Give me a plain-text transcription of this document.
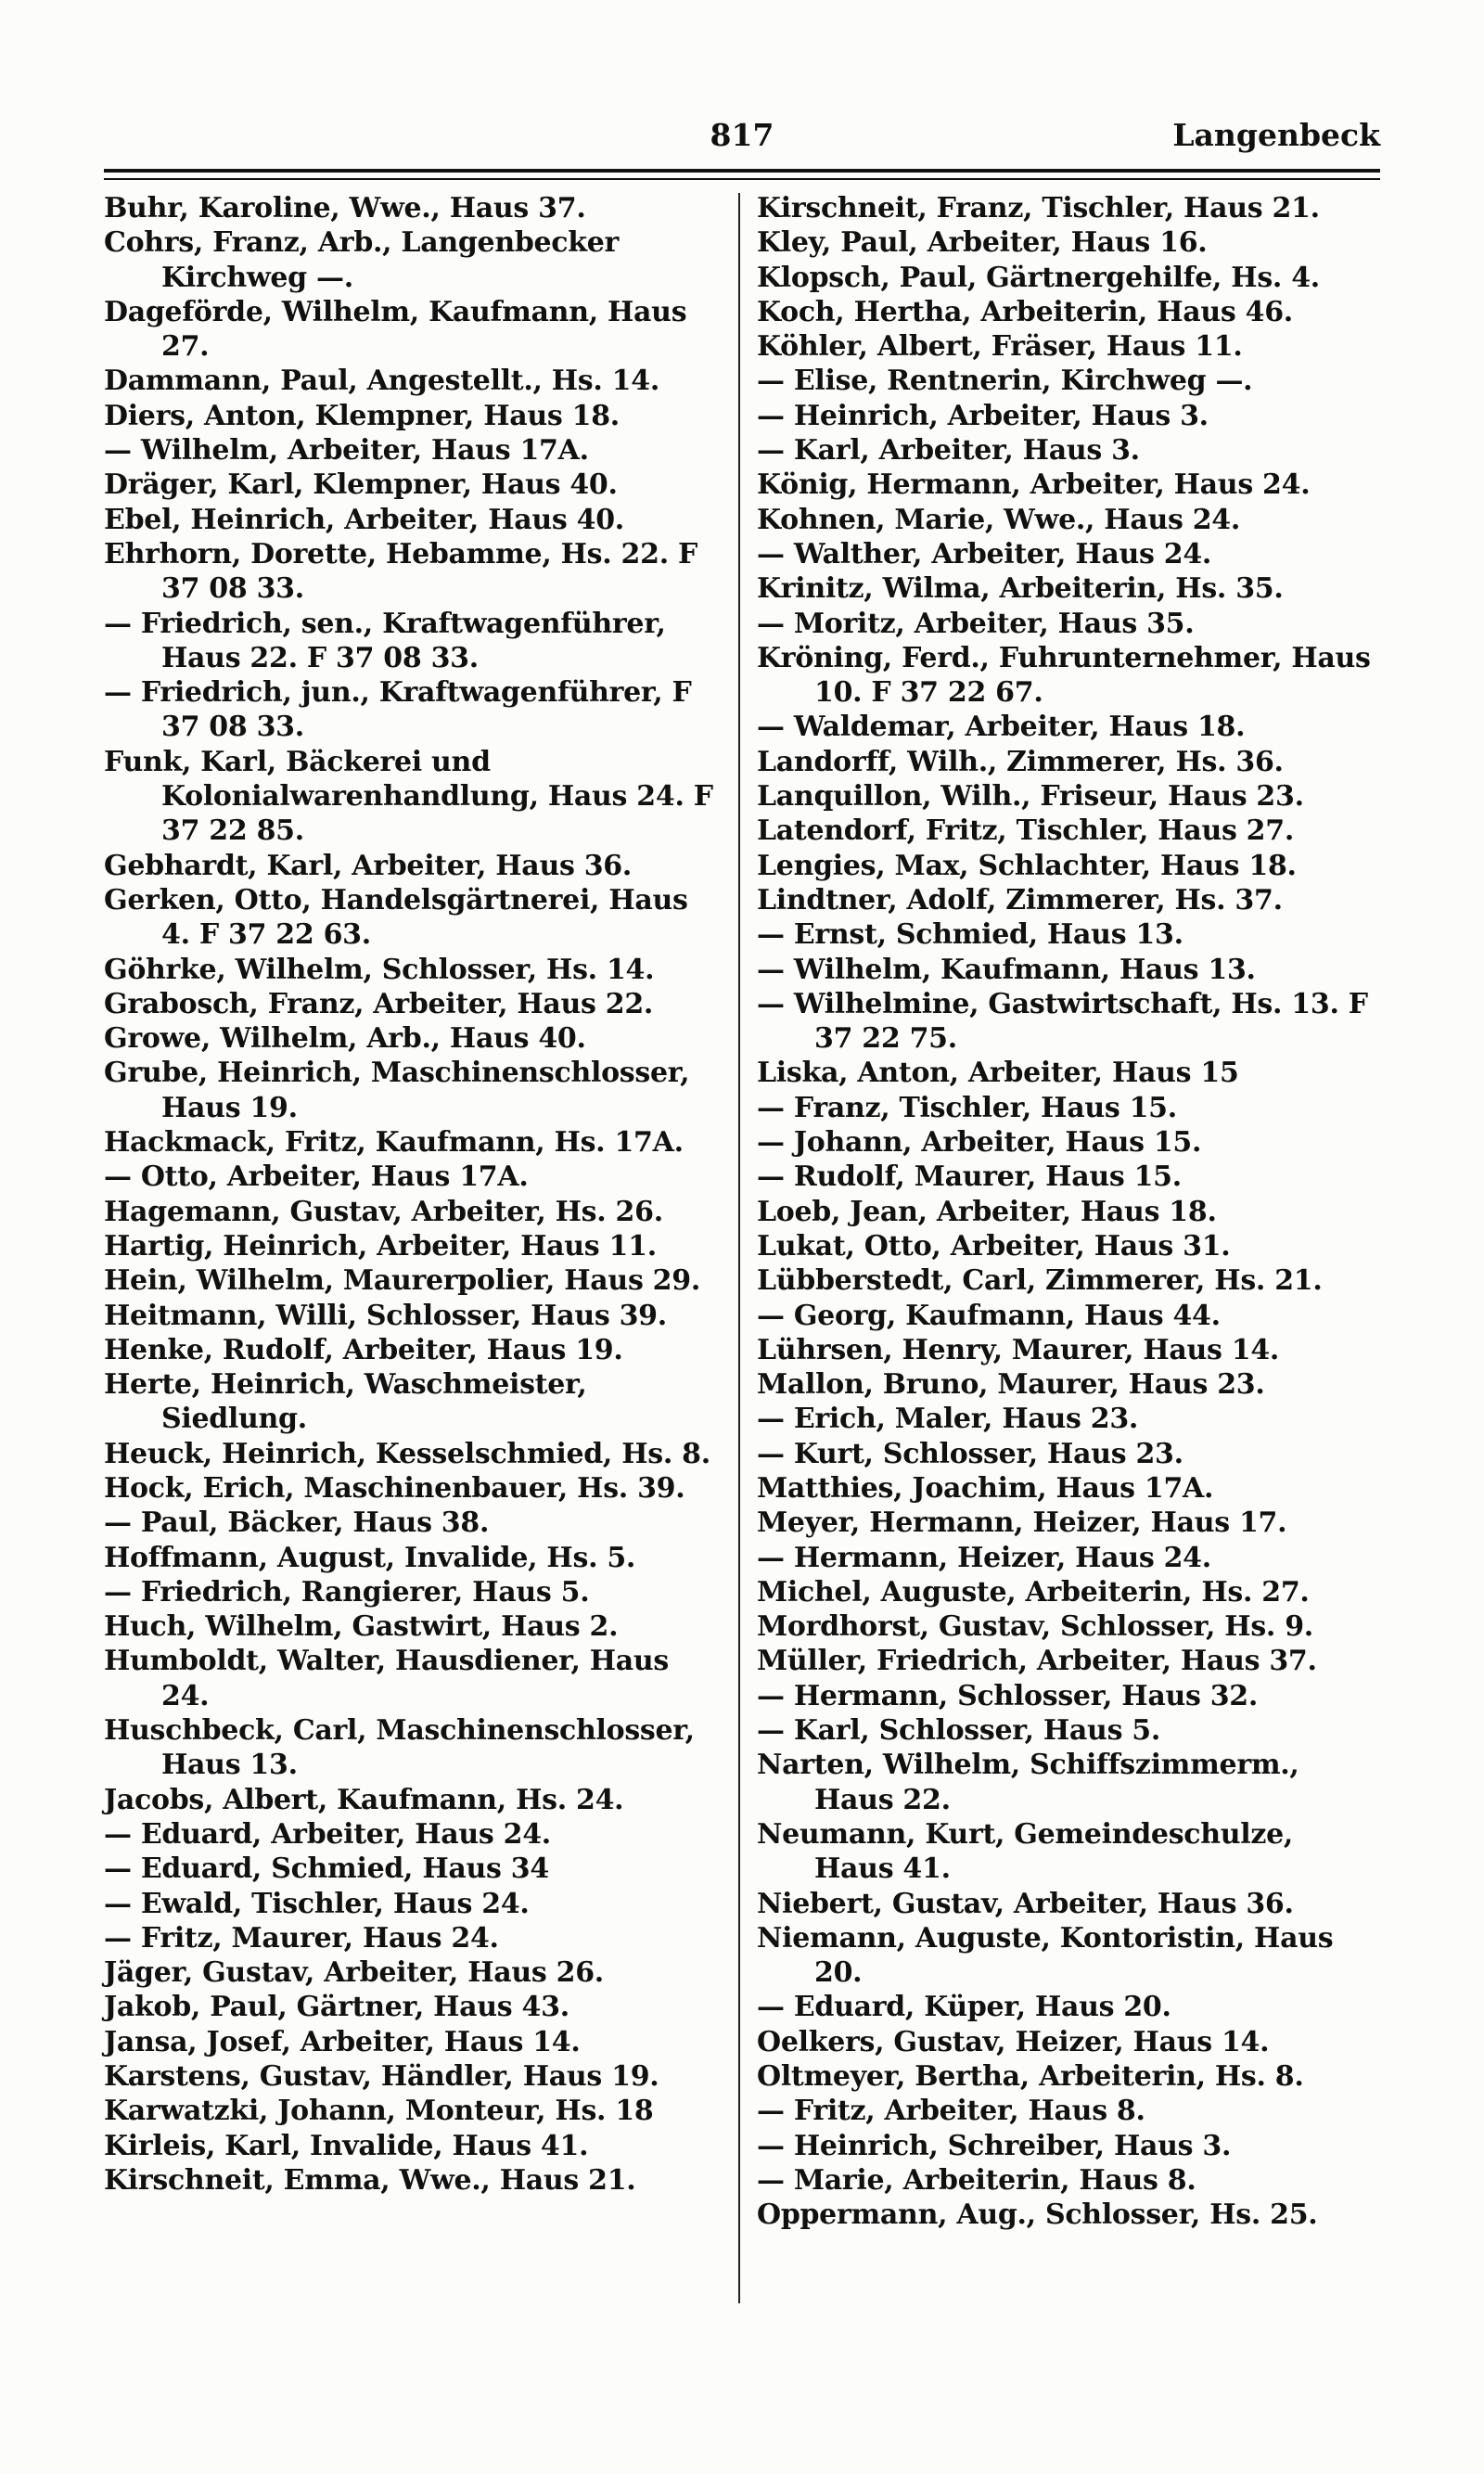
817	Langenbeck
Buhr, Karoline, Wwe., Haus 37.
Cohrs, Franz, Arb., Langenbecker Kirchweg —.
Dageförde, Wilhelm, Kaufmann, Haus 27.
Dammann, Paul, Angestellt., Hs. 14.
Diers, Anton, Klempner, Haus 18.
— Wilhelm, Arbeiter, Haus 17A.
Dräger, Karl, Klempner, Haus 40.
Ebel, Heinrich, Arbeiter, Haus 40.
Ehrhorn, Dorette, Hebamme, Hs. 22. F 37 08 33.
— Friedrich, sen., Kraftwagenführer, Haus 22. F 37 08 33.
— Friedrich, jun., Kraftwagenführer, F 37 08 33.
Funk, Karl, Bäckerei und Kolonialwarenhandlung, Haus 24. F 37 22 85.
Gebhardt, Karl, Arbeiter, Haus 36.
Gerken, Otto, Handelsgärtnerei, Haus 4. F 37 22 63.
Göhrke, Wilhelm, Schlosser, Hs. 14.
Grabosch, Franz, Arbeiter, Haus 22.
Growe, Wilhelm, Arb., Haus 40.
Grube, Heinrich, Maschinenschlosser, Haus 19.
Hackmack, Fritz, Kaufmann, Hs. 17A.
— Otto, Arbeiter, Haus 17A.
Hagemann, Gustav, Arbeiter, Hs. 26.
Hartig, Heinrich, Arbeiter, Haus 11.
Hein, Wilhelm, Maurerpolier, Haus 29.
Heitmann, Willi, Schlosser, Haus 39.
Henke, Rudolf, Arbeiter, Haus 19.
Herte, Heinrich, Waschmeister, Siedlung.
Heuck, Heinrich, Kesselschmied, Hs. 8.
Hock, Erich, Maschinenbauer, Hs. 39.
— Paul, Bäcker, Haus 38.
Hoffmann, August, Invalide, Hs. 5.
— Friedrich, Rangierer, Haus 5.
Huch, Wilhelm, Gastwirt, Haus 2.
Humboldt, Walter, Hausdiener, Haus 24.
Huschbeck, Carl, Maschinenschlosser, Haus 13.
Jacobs, Albert, Kaufmann, Hs. 24.
— Eduard, Arbeiter, Haus 24.
— Eduard, Schmied, Haus 34
— Ewald, Tischler, Haus 24.
— Fritz, Maurer, Haus 24.
Jäger, Gustav, Arbeiter, Haus 26.
Jakob, Paul, Gärtner, Haus 43.
Jansa, Josef, Arbeiter, Haus 14.
Karstens, Gustav, Händler, Haus 19.
Karwatzki, Johann, Monteur, Hs. 18
Kirleis, Karl, Invalide, Haus 41.
Kirschneit, Emma, Wwe., Haus 21.
Kirschneit, Franz, Tischler, Haus 21.
Kley, Paul, Arbeiter, Haus 16.
Klopsch, Paul, Gärtnergehilfe, Hs. 4.
Koch, Hertha, Arbeiterin, Haus 46.
Köhler, Albert, Fräser, Haus 11.
— Elise, Rentnerin, Kirchweg —.
— Heinrich, Arbeiter, Haus 3.
— Karl, Arbeiter, Haus 3.
König, Hermann, Arbeiter, Haus 24.
Kohnen, Marie, Wwe., Haus 24.
— Walther, Arbeiter, Haus 24.
Krinitz, Wilma, Arbeiterin, Hs. 35.
— Moritz, Arbeiter, Haus 35.
Kröning, Ferd., Fuhrunternehmer, Haus 10. F 37 22 67.
— Waldemar, Arbeiter, Haus 18.
Landorff, Wilh., Zimmerer, Hs. 36.
Lanquillon, Wilh., Friseur, Haus 23.
Latendorf, Fritz, Tischler, Haus 27.
Lengies, Max, Schlachter, Haus 18.
Lindtner, Adolf, Zimmerer, Hs. 37.
— Ernst, Schmied, Haus 13.
— Wilhelm, Kaufmann, Haus 13.
— Wilhelmine, Gastwirtschaft, Hs. 13. F 37 22 75.
Liska, Anton, Arbeiter, Haus 15
— Franz, Tischler, Haus 15.
— Johann, Arbeiter, Haus 15.
— Rudolf, Maurer, Haus 15.
Loeb, Jean, Arbeiter, Haus 18.
Lukat, Otto, Arbeiter, Haus 31.
Lübberstedt, Carl, Zimmerer, Hs. 21.
— Georg, Kaufmann, Haus 44.
Lührsen, Henry, Maurer, Haus 14.
Mallon, Bruno, Maurer, Haus 23.
— Erich, Maler, Haus 23.
— Kurt, Schlosser, Haus 23.
Matthies, Joachim, Haus 17A.
Meyer, Hermann, Heizer, Haus 17.
— Hermann, Heizer, Haus 24.
Michel, Auguste, Arbeiterin, Hs. 27.
Mordhorst, Gustav, Schlosser, Hs. 9.
Müller, Friedrich, Arbeiter, Haus 37.
— Hermann, Schlosser, Haus 32.
— Karl, Schlosser, Haus 5.
Narten, Wilhelm, Schiffszimmerm., Haus 22.
Neumann, Kurt, Gemeindeschulze, Haus 41.
Niebert, Gustav, Arbeiter, Haus 36.
Niemann, Auguste, Kontoristin, Haus 20.
— Eduard, Küper, Haus 20.
Oelkers, Gustav, Heizer, Haus 14.
Oltmeyer, Bertha, Arbeiterin, Hs. 8.
— Fritz, Arbeiter, Haus 8.
— Heinrich, Schreiber, Haus 3.
— Marie, Arbeiterin, Haus 8.
Oppermann, Aug., Schlosser, Hs. 25.
